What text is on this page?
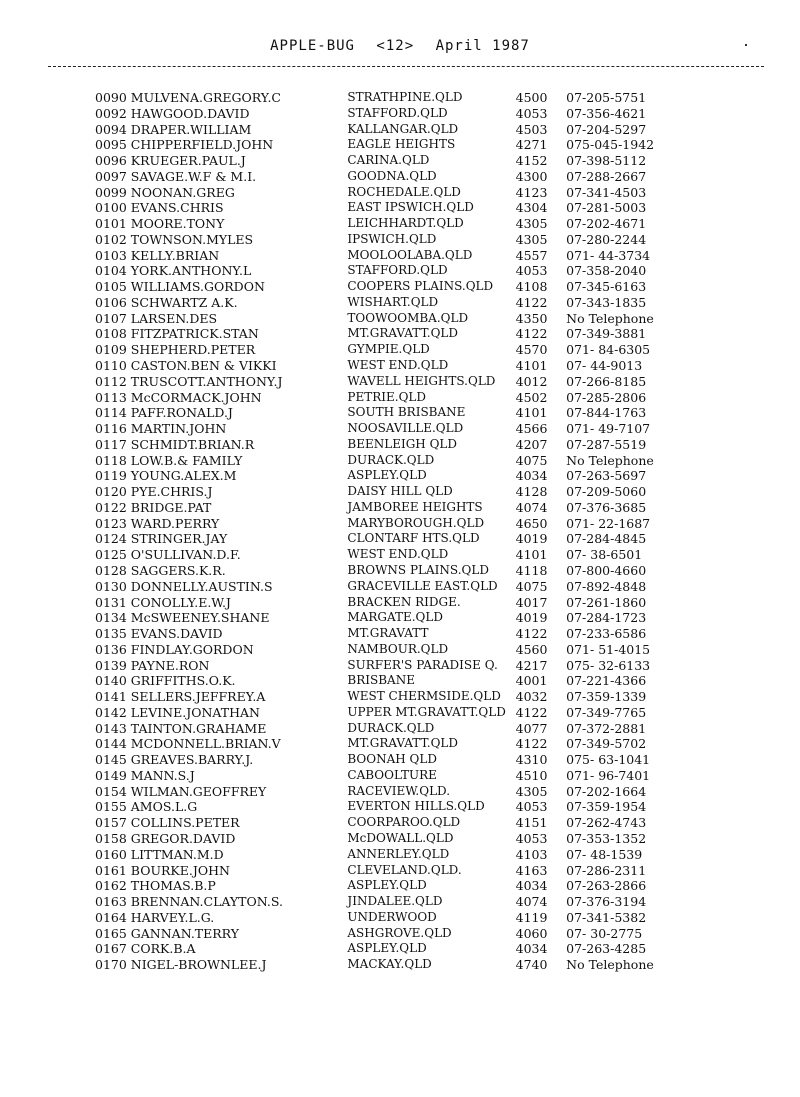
APPLE-BUG <12> April 1987
0090 MULVENA.GREGORY.C	STRATHPINE.QLD	4500	07-205-5751
0092 HAWGOOD.DAVID	STAFFORD.QLD	4053	07-356-4621
0094 DRAPER.WILLIAM	KALLANGAR.QLD	4503	07-204-5297
0095 CHIPPERFIELD.JOHN	EAGLE HEIGHTS	4271	075-045-1942
0096 KRUEGER.PAUL.J	CARINA.QLD	4152	07-398-5112
0097 SAVAGE.W.F & M.I.	GOODNA.QLD	4300	07-288-2667
0099 NOONAN.GREG	ROCHEDALE.QLD	4123	07-341-4503
0100 EVANS.CHRIS	EAST IPSWICH.QLD	4304	07-281-5003
0101 MOORE.TONY	LEICHHARDT.QLD	4305	07-202-4671
0102 TOWNSON.MYLES	IPSWICH.QLD	4305	07-280-2244
0103 KELLY.BRIAN	MOOLOOLABA.QLD	4557	071- 44-3734
0104 YORK.ANTHONY.L	STAFFORD.QLD	4053	07-358-2040
0105 WILLIAMS.GORDON	COOPERS PLAINS.QLD	4108	07-345-6163
0106 SCHWARTZ A.K.	WISHART.QLD	4122	07-343-1835
0107 LARSEN.DES	TOOWOOMBA.QLD	4350	No Telephone
0108 FITZPATRICK.STAN	MT.GRAVATT.QLD	4122	07-349-3881
0109 SHEPHERD.PETER	GYMPIE.QLD	4570	071- 84-6305
0110 CASTON.BEN & VIKKI	WEST END.QLD	4101	07- 44-9013
0112 TRUSCOTT.ANTHONY.J	WAVELL HEIGHTS.QLD	4012	07-266-8185
0113 McCORMACK.JOHN	PETRIE.QLD	4502	07-285-2806
0114 PAFF.RONALD.J	SOUTH BRISBANE	4101	07-844-1763
0116 MARTIN.JOHN	NOOSAVILLE.QLD	4566	071- 49-7107
0117 SCHMIDT.BRIAN.R	BEENLEIGH QLD	4207	07-287-5519
0118 LOW.B.& FAMILY	DURACK.QLD	4075	No Telephone
0119 YOUNG.ALEX.M	ASPLEY.QLD	4034	07-263-5697
0120 PYE.CHRIS.J	DAISY HILL QLD	4128	07-209-5060
0122 BRIDGE.PAT	JAMBOREE HEIGHTS	4074	07-376-3685
0123 WARD.PERRY	MARYBOROUGH.QLD	4650	071- 22-1687
0124 STRINGER.JAY	CLONTARF HTS.QLD	4019	07-284-4845
0125 O'SULLIVAN.D.F.	WEST END.QLD	4101	07- 38-6501
0128 SAGGERS.K.R.	BROWNS PLAINS.QLD	4118	07-800-4660
0130 DONNELLY.AUSTIN.S	GRACEVILLE EAST.QLD	4075	07-892-4848
0131 CONOLLY.E.W.J	BRACKEN RIDGE.	4017	07-261-1860
0134 McSWEENEY.SHANE	MARGATE.QLD	4019	07-284-1723
0135 EVANS.DAVID	MT.GRAVATT	4122	07-233-6586
0136 FINDLAY.GORDON	NAMBOUR.QLD	4560	071- 51-4015
0139 PAYNE.RON	SURFER'S PARADISE Q.	4217	075- 32-6133
0140 GRIFFITHS.O.K.	BRISBANE	4001	07-221-4366
0141 SELLERS.JEFFREY.A	WEST CHERMSIDE.QLD	4032	07-359-1339
0142 LEVINE.JONATHAN	UPPER MT.GRAVATT.QLD 4122	07-349-7765
0143 TAINTON.GRAHAME	DURACK.QLD	4077	07-372-2881
0144 MCDONNELL.BRIAN.V	MT.GRAVATT.QLD	4122	07-349-5702
0145 GREAVES.BARRY.J.	BOONAH QLD	4310	075- 63-1041
0149 MANN.S.J	CABOOLTURE	4510	071- 96-7401
0154 WILMAN.GEOFFREY	RACEVIEW.QLD.	4305	07-202-1664
0155 AMOS.L.G	EVERTON HILLS.QLD	4053	07-359-1954
0157 COLLINS.PETER	COORPAROO.QLD	4151	07-262-4743
0158 GREGOR.DAVID	McDOWALL.QLD	4053	07-353-1352
0160 LITTMAN.M.D	ANNERLEY.QLD	4103	07- 48-1539
0161 BOURKE.JOHN	CLEVELAND.QLD.	4163	07-286-2311
0162 THOMAS.B.P	ASPLEY.QLD	4034	07-263-2866
0163 BRENNAN.CLAYTON.S.	JINDALEE.QLD	4074	07-376-3194
0164 HARVEY.L.G.	UNDERWOOD	4119	07-341-5382
0165 GANNAN.TERRY	ASHGROVE.QLD	4060	07- 30-2775
0167 CORK.B.A	ASPLEY.QLD	4034	07-263-4285
0170 NIGEL-BROWNLEE.J	MACKAY.QLD	4740	No Telephone
